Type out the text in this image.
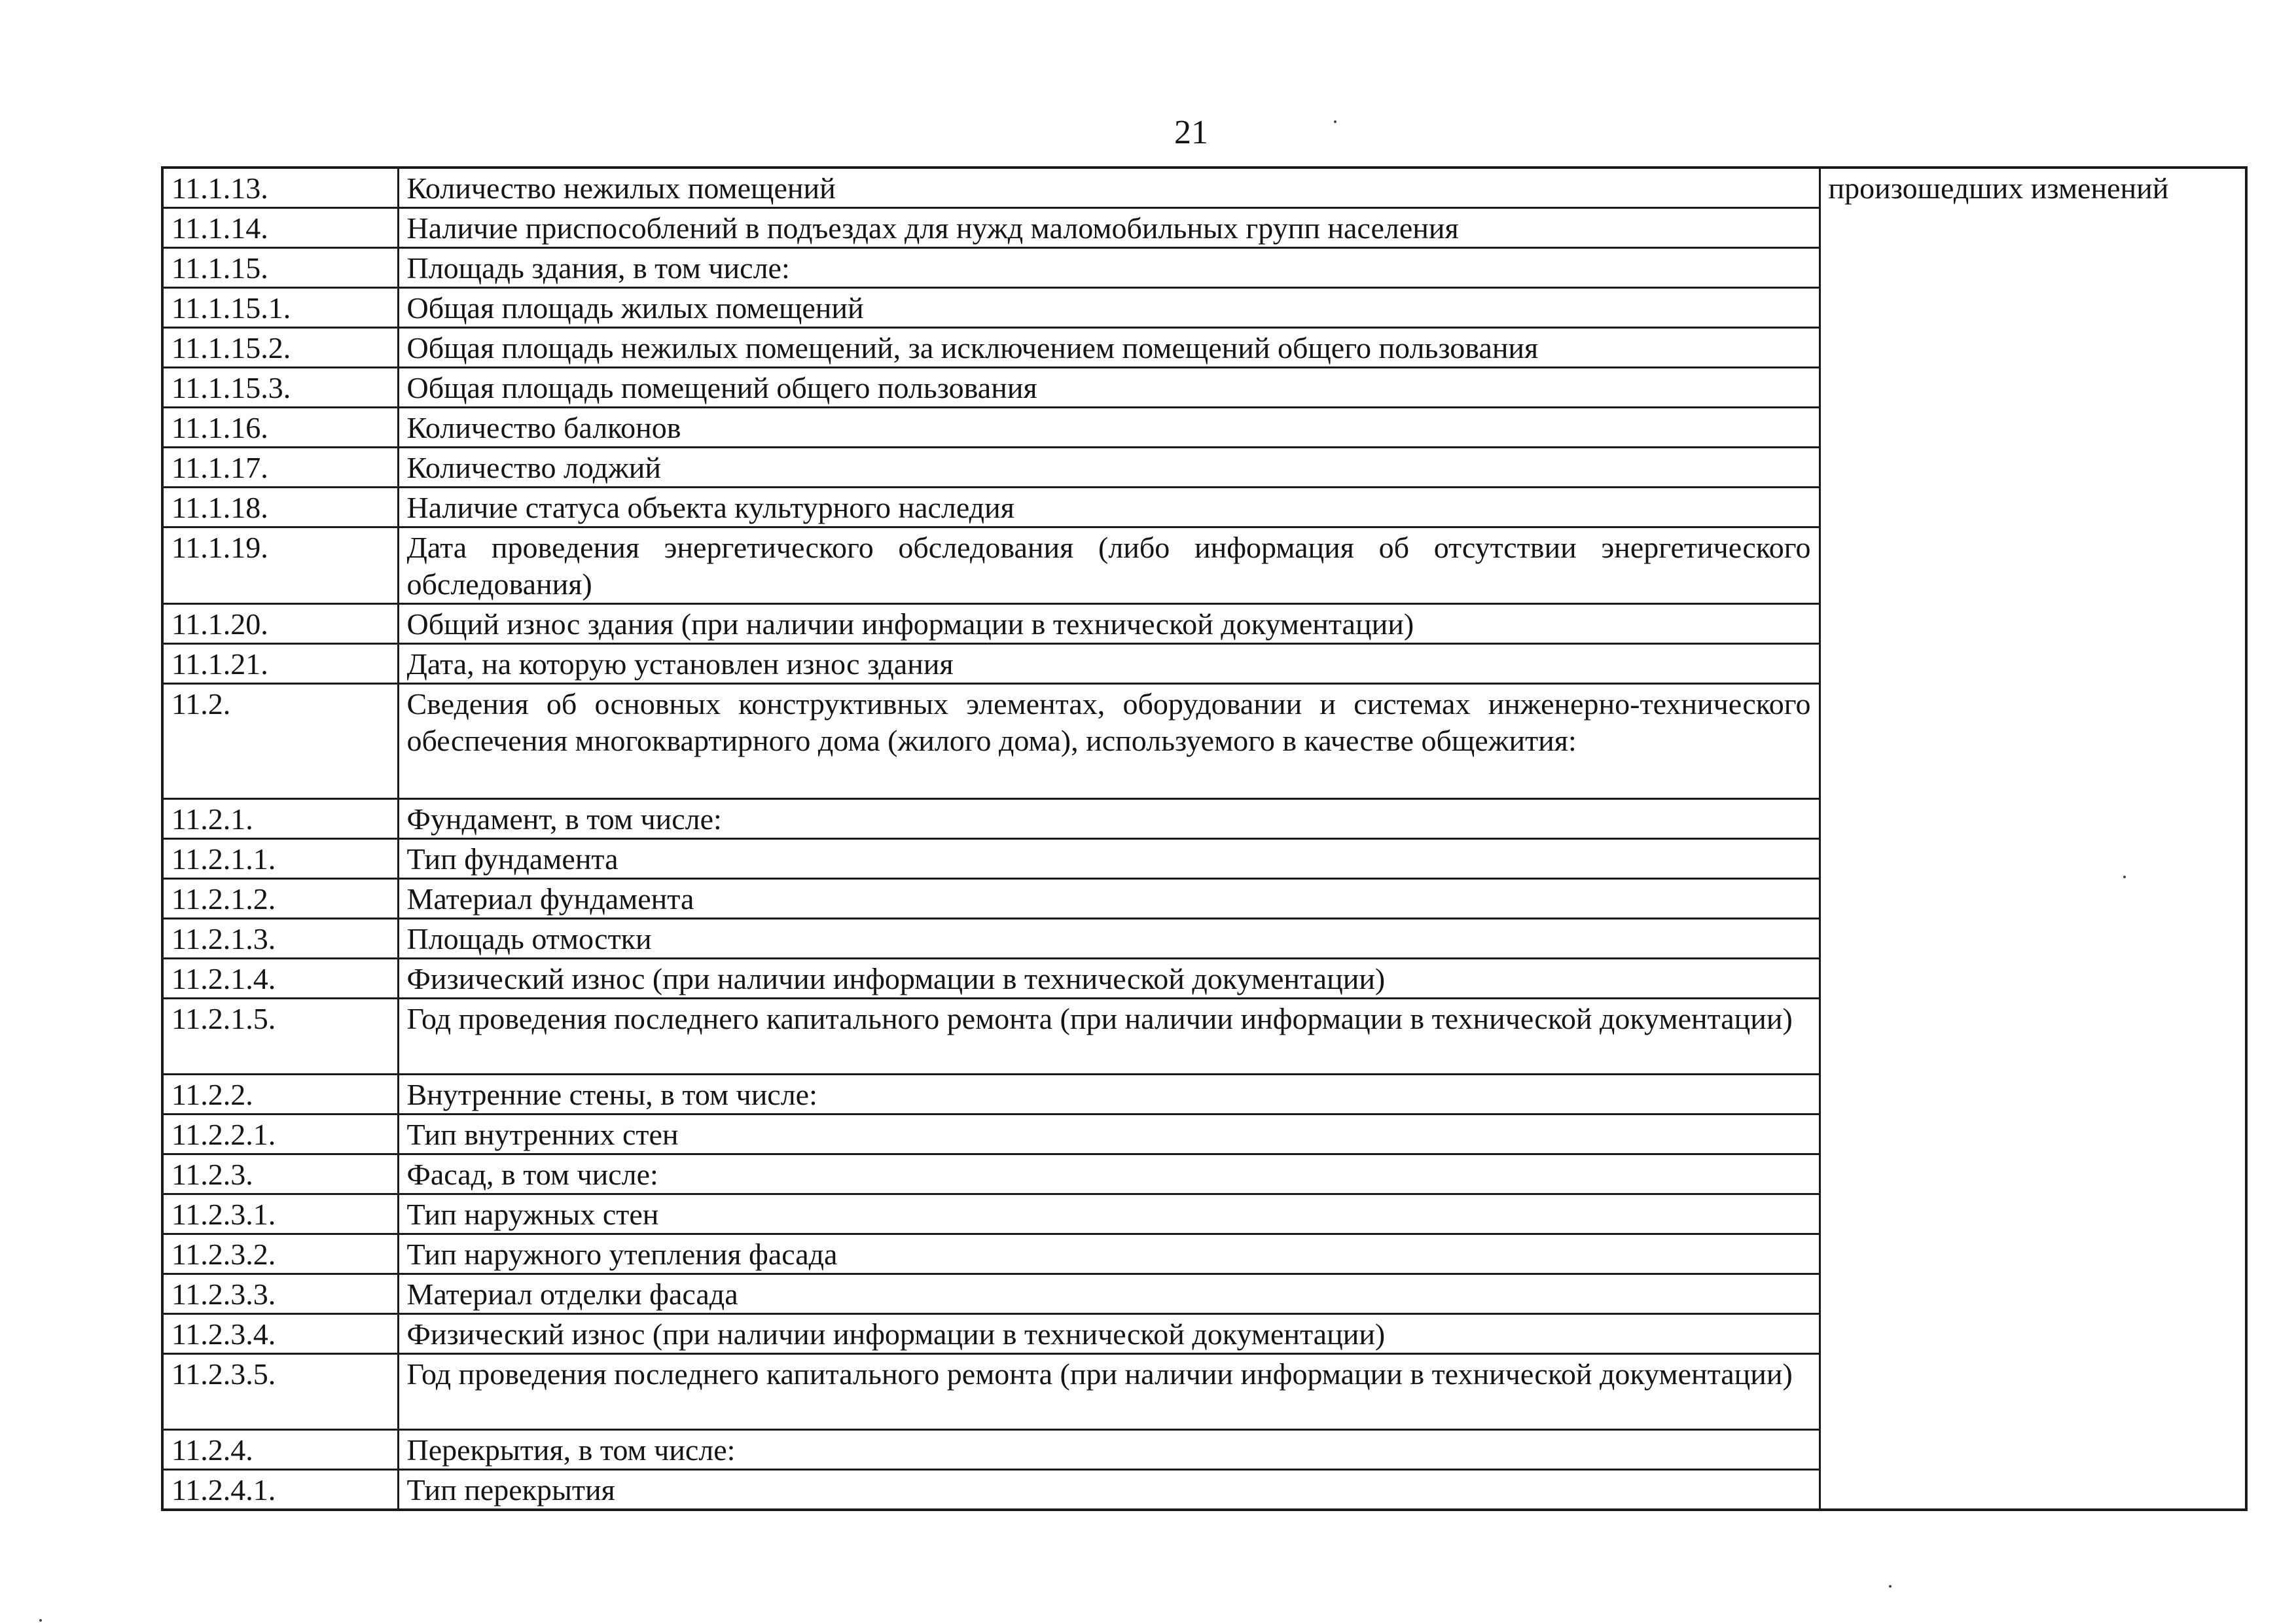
21
11.1.13.	Количество нежилых помещений	произошедших изменений
11.1.14.	Наличие приспособлений в подъездах для нужд маломобильных групп населения	
11.1.15.	Площадь здания, в том числе:	
11.1.15.1.	Общая площадь жилых помещений	
11.1.15.2.	Общая площадь нежилых помещений, за исключением помещений общего пользования	
11.1.15.3.	Общая площадь помещений общего пользования	
11.1.16.	Количество балконов	
11.1.17.	Количество лоджий	
11.1.18.	Наличие статуса объекта культурного наследия	
11.1.19.	Дата проведения энергетического обследования (либо информация об отсутствии энергетического обследования)	
11.1.20.	Общий износ здания (при наличии информации в технической документации)	
11.1.21.	Дата, на которую установлен износ здания	
11.2.	Сведения об основных конструктивных элементах, оборудовании и системах инженерно-технического обеспечения многоквартирного дома (жилого дома), используемого в качестве общежития:	
11.2.1.	Фундамент, в том числе:	
11.2.1.1.	Тип фундамента	
11.2.1.2.	Материал фундамента	
11.2.1.3.	Площадь отмостки	
11.2.1.4.	Физический износ (при наличии информации в технической документации)	
11.2.1.5.	Год проведения последнего капитального ремонта (при наличии информации в технической документации)	
11.2.2.	Внутренние стены, в том числе:	
11.2.2.1.	Тип внутренних стен	
11.2.3.	Фасад, в том числе:	
11.2.3.1.	Тип наружных стен	
11.2.3.2.	Тип наружного утепления фасада	
11.2.3.3.	Материал отделки фасада	
11.2.3.4.	Физический износ (при наличии информации в технической документации)	
11.2.3.5.	Год проведения последнего капитального ремонта (при наличии информации в технической документации)	
11.2.4.	Перекрытия, в том числе:	
11.2.4.1.	Тип перекрытия	
